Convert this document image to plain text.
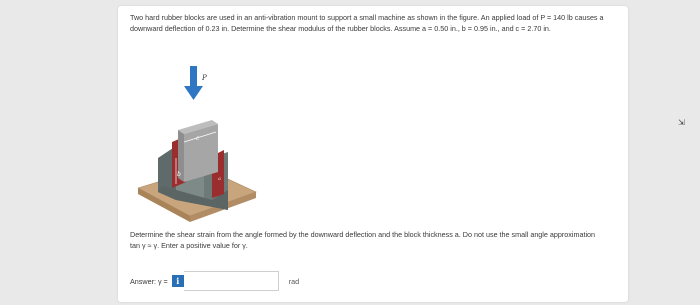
Two hard rubber blocks are used in an anti-vibration mount to support a small machine as shown in the figure. An applied load of P = 140 lb causes a downward deflection of 0.23 in. Determine the shear modulus of the rubber blocks. Assume a = 0.50 in., b = 0.95 in., and c = 2.70 in.
c
b
a
P
Determine the shear strain from the angle formed by the downward deflection and the block thickness a. Do not use the small angle approximation tan γ ≈ γ. Enter a positive value for γ.
Answer: γ =	i	rad
⇲
